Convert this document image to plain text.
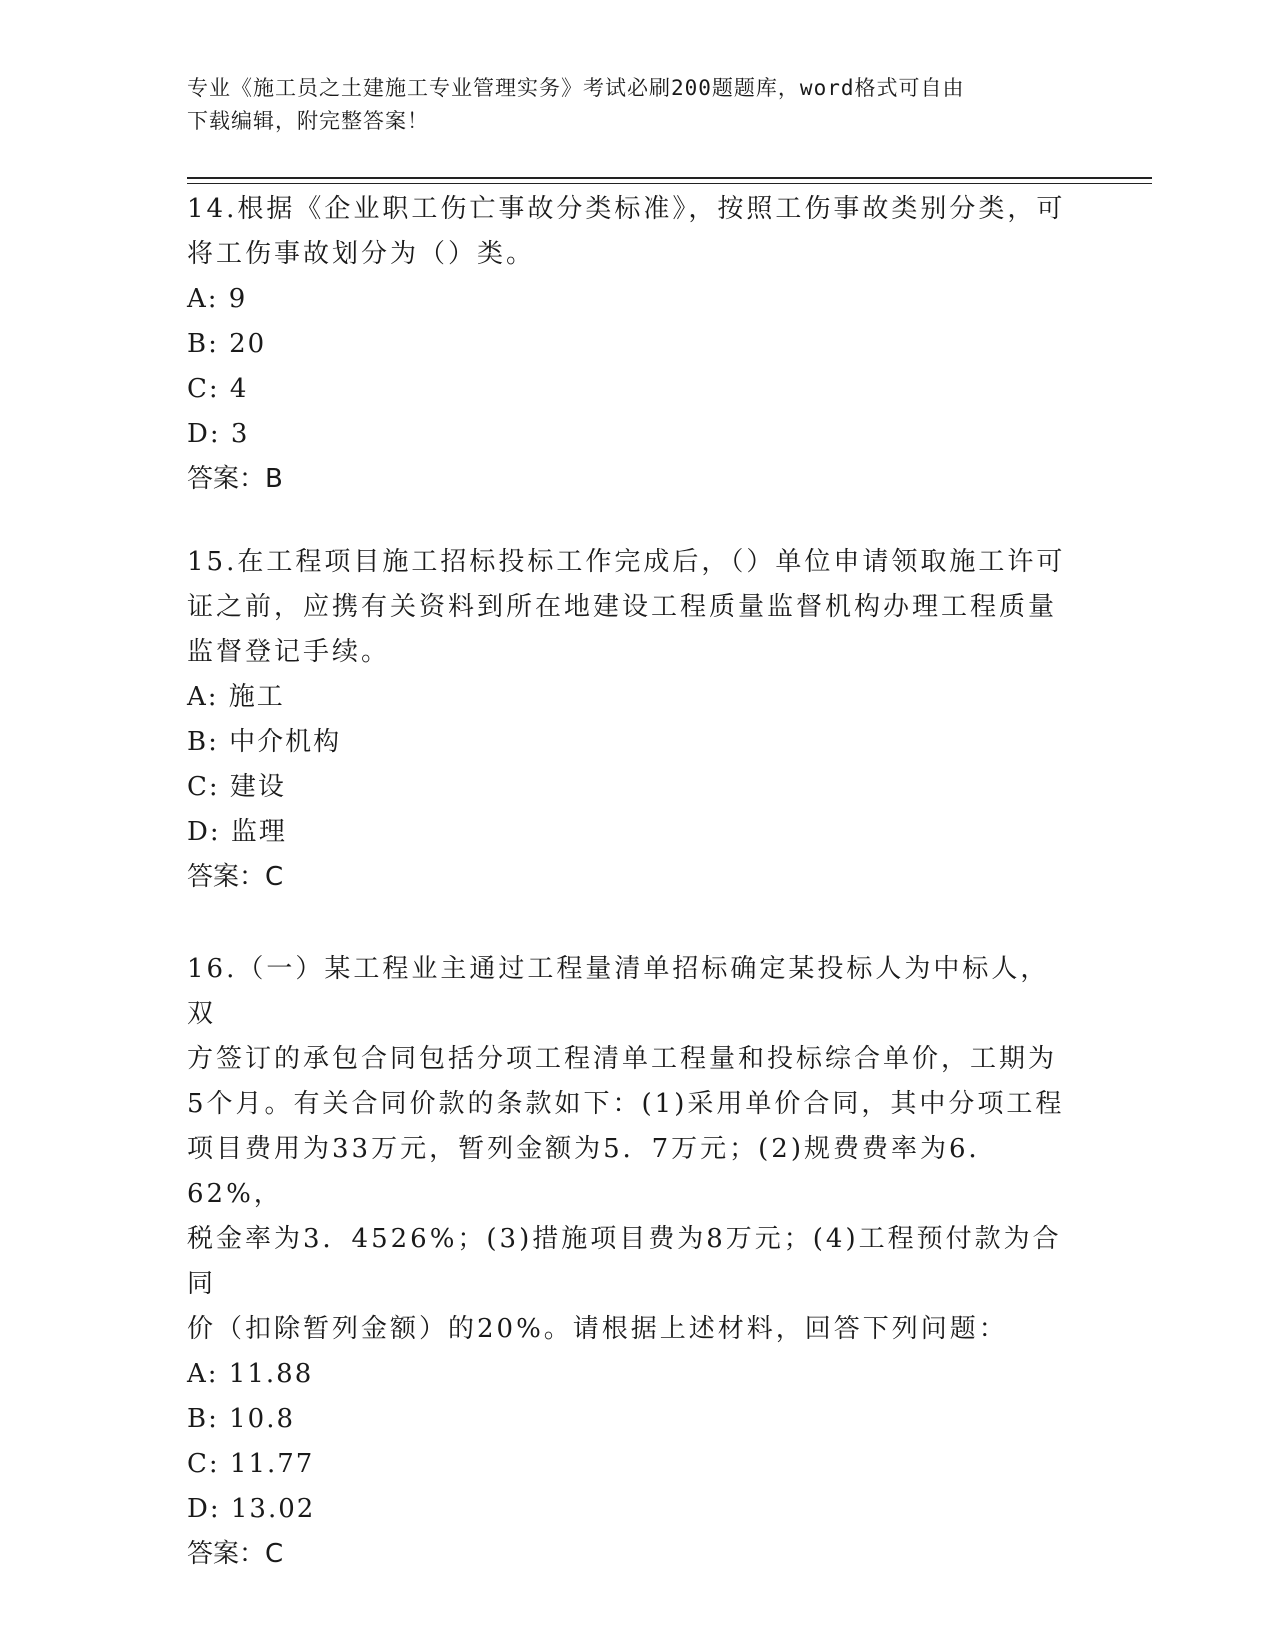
专业《施工员之土建施工专业管理实务》考试必刷200题题库，word格式可自由
下载编辑，附完整答案！

14.根据《企业职工伤亡事故分类标准》，按照工伤事故类别分类，可

将工伤事故划分为（）类。

A: 9

B: 20

C: 4

D: 3

答案：B

15.在工程项目施工招标投标工作完成后，（）单位申请领取施工许可

证之前，应携有关资料到所在地建设工程质量监督机构办理工程质量

监督登记手续。

A: 施工

B: 中介机构

C: 建设

D: 监理

答案：C

16.（一）某工程业主通过工程量清单招标确定某投标人为中标人，双

方签订的承包合同包括分项工程清单工程量和投标综合单价，工期为

5个月。有关合同价款的条款如下：(1)采用单价合同，其中分项工程

项目费用为33万元，暂列金额为5．7万元；(2)规费费率为6．62%，

税金率为3．4526%；(3)措施项目费为8万元；(4)工程预付款为合同

价（扣除暂列金额）的20%。请根据上述材料，回答下列问题：

A: 11.88

B: 10.8

C: 11.77

D: 13.02

答案：C
